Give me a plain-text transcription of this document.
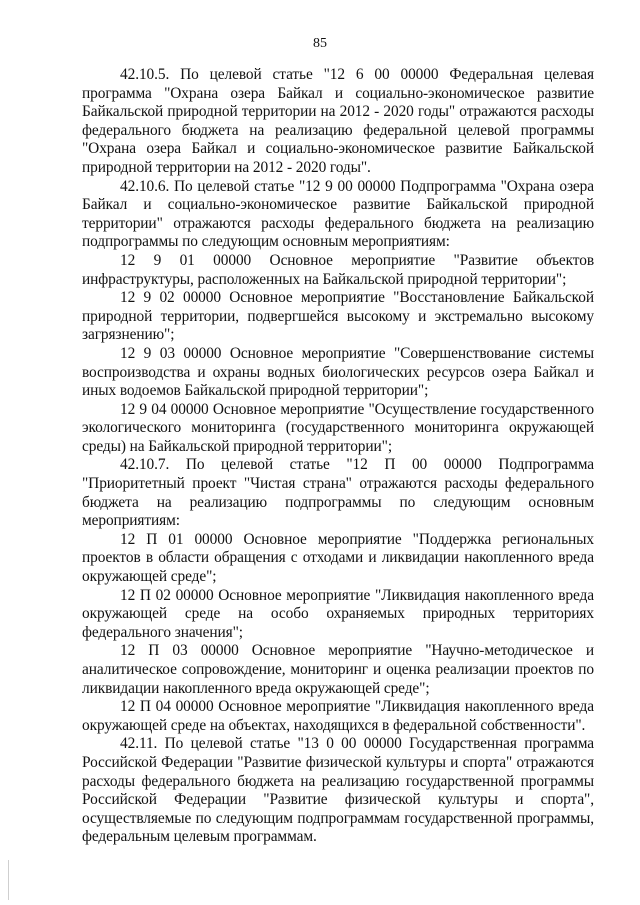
85

42.10.5. По целевой статье "12 6 00 00000 Федеральная целевая программа "Охрана озера Байкал и социально-экономическое развитие Байкальской природной территории на 2012 - 2020 годы" отражаются расходы федерального бюджета на реализацию федеральной целевой программы "Охрана озера Байкал и социально-экономическое развитие Байкальской природной территории на 2012 - 2020 годы".

42.10.6. По целевой статье "12 9 00 00000 Подпрограмма "Охрана озера Байкал и социально-экономическое развитие Байкальской природной территории" отражаются расходы федерального бюджета на реализацию подпрограммы по следующим основным мероприятиям:

12 9 01 00000 Основное мероприятие "Развитие объектов инфраструктуры, расположенных на Байкальской природной территории";

12 9 02 00000 Основное мероприятие "Восстановление Байкальской природной территории, подвергшейся высокому и экстремально высокому загрязнению";

12 9 03 00000 Основное мероприятие "Совершенствование системы воспроизводства и охраны водных биологических ресурсов озера Байкал и иных водоемов Байкальской природной территории";

12 9 04 00000 Основное мероприятие "Осуществление государственного экологического мониторинга (государственного мониторинга окружающей среды) на Байкальской природной территории";

42.10.7. По целевой статье "12 П 00 00000 Подпрограмма "Приоритетный проект "Чистая страна" отражаются расходы федерального бюджета на реализацию подпрограммы по следующим основным мероприятиям:

12 П 01 00000 Основное мероприятие "Поддержка региональных проектов в области обращения с отходами и ликвидации накопленного вреда окружающей среде";

12 П 02 00000 Основное мероприятие "Ликвидация накопленного вреда окружающей среде на особо охраняемых природных территориях федерального значения";

12 П 03 00000 Основное мероприятие "Научно-методическое и аналитическое сопровождение, мониторинг и оценка реализации проектов по ликвидации накопленного вреда окружающей среде";

12 П 04 00000 Основное мероприятие "Ликвидация накопленного вреда окружающей среде на объектах, находящихся в федеральной собственности".

42.11. По целевой статье "13 0 00 00000 Государственная программа Российской Федерации "Развитие физической культуры и спорта" отражаются расходы федерального бюджета на реализацию государственной программы Российской Федерации "Развитие физической культуры и спорта", осуществляемые по следующим подпрограммам государственной программы, федеральным целевым программам.
